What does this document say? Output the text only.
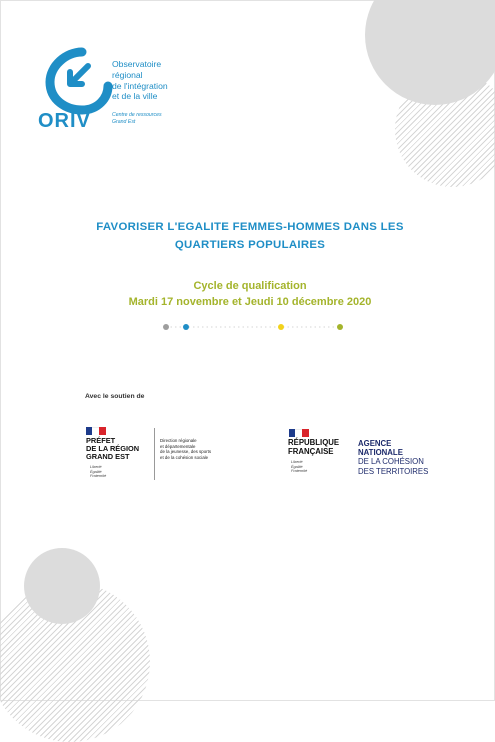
ORIV
Observatoire
régional
de l'intégration
et de la ville
Centre de ressources
Grand Est
FAVORISER L'EGALITE FEMMES-HOMMES DANS LES
QUARTIERS POPULAIRES
Cycle de qualification
Mardi 17 novembre et Jeudi 10 décembre 2020
Avec le soutien de
PRÉFET
DE LA RÉGION
GRAND EST
Liberté
Égalité
Fraternité
Direction régionale
et départementale
de la jeunesse, des sports
et de la cohésion sociale
RÉPUBLIQUE
FRANÇAISE
Liberté
Égalité
Fraternité
AGENCE
NATIONALE
DE LA COHÉSION
DES TERRITOIRES
